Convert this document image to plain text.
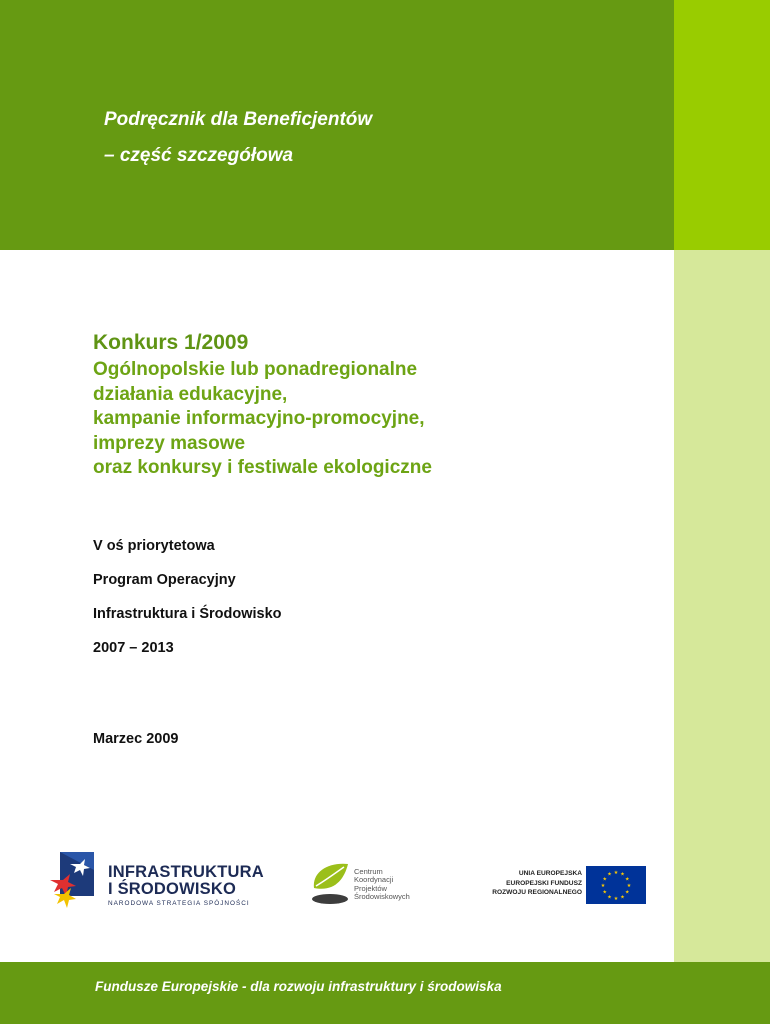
Podręcznik dla Beneficjentów
– część szczegółowa
Konkurs 1/2009
Ogólnopolskie lub ponadregionalne
działania edukacyjne,
kampanie informacyjno-promocyjne,
imprezy masowe
oraz konkursy i festiwale ekologiczne
V oś priorytetowa
Program Operacyjny
Infrastruktura i Środowisko
2007 – 2013
Marzec 2009
INFRASTRUKTURA
I ŚRODOWISKO
NARODOWA STRATEGIA SPÓJNOŚCI
Centrum
Koordynacji
Projektów
Środowiskowych
UNIA EUROPEJSKA
EUROPEJSKI FUNDUSZ
ROZWOJU REGIONALNEGO
★ ★
★
★
★
★
★
★
★
★
★
★
Fundusze Europejskie - dla rozwoju infrastruktury i środowiska
